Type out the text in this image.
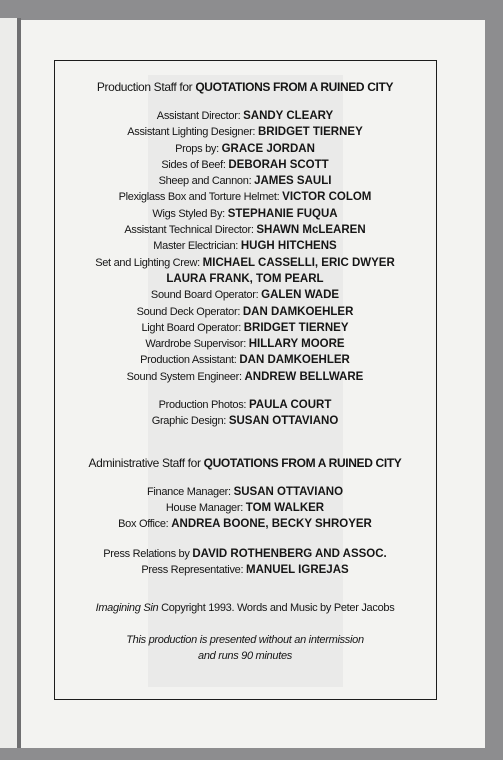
Production Staff for QUOTATIONS FROM A RUINED CITY
Assistant Director: SANDY CLEARY
Assistant Lighting Designer: BRIDGET TIERNEY
Props by: GRACE JORDAN
Sides of Beef: DEBORAH SCOTT
Sheep and Cannon: JAMES SAULI
Plexiglass Box and Torture Helmet: VICTOR COLOM
Wigs Styled By: STEPHANIE FUQUA
Assistant Technical Director: SHAWN McLEAREN
Master Electrician: HUGH HITCHENS
Set and Lighting Crew: MICHAEL CASSELLI, ERIC DWYER
LAURA FRANK, TOM PEARL
Sound Board Operator: GALEN WADE
Sound Deck Operator: DAN DAMKOEHLER
Light Board Operator: BRIDGET TIERNEY
Wardrobe Supervisor: HILLARY MOORE
Production Assistant: DAN DAMKOEHLER
Sound System Engineer: ANDREW BELLWARE
Production Photos: PAULA COURT
Graphic Design: SUSAN OTTAVIANO
Administrative Staff for QUOTATIONS FROM A RUINED CITY
Finance Manager: SUSAN OTTAVIANO
House Manager: TOM WALKER
Box Office: ANDREA BOONE, BECKY SHROYER
Press Relations by DAVID ROTHENBERG AND ASSOC.
Press Representative: MANUEL IGREJAS
Imagining Sin Copyright 1993. Words and Music by Peter Jacobs
This production is presented without an intermission
and runs 90 minutes
